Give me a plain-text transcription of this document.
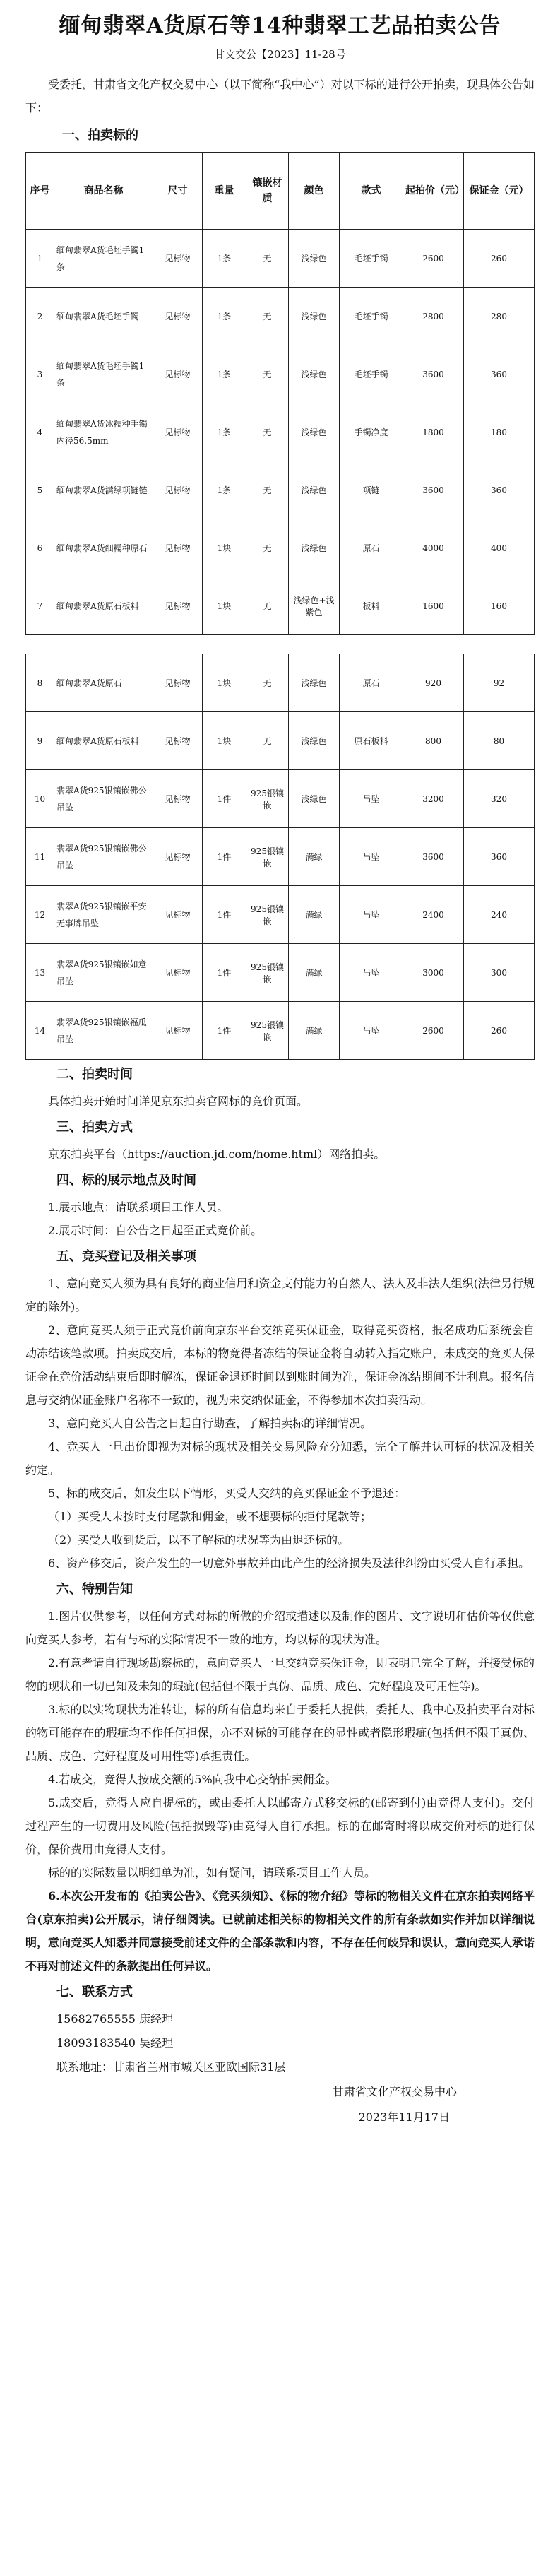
缅甸翡翠A货原石等14种翡翠工艺品拍卖公告
甘文交公【2023】11-28号

受委托，甘肃省文化产权交易中心（以下简称“我中心”）对以下标的进行公开拍卖，现具体公告如下：

一、拍卖标的
序号	商品名称	尺寸	重量	镶嵌材质	颜色	款式	起拍价（元）	保证金（元）
1	缅甸翡翠A货毛坯手镯1条	见标物	1条	无	浅绿色	毛坯手镯	2600	260
2	缅甸翡翠A货毛坯手镯	见标物	1条	无	浅绿色	毛坯手镯	2800	280
3	缅甸翡翠A货毛坯手镯1条	见标物	1条	无	浅绿色	毛坯手镯	3600	360
4	缅甸翡翠A货冰糯种手镯内径56.5mm	见标物	1条	无	浅绿色	手镯净度	1800	180
5	缅甸翡翠A货满绿项链链	见标物	1条	无	浅绿色	项链	3600	360
6	缅甸翡翠A货细糯种原石	见标物	1块	无	浅绿色	原石	4000	400
7	缅甸翡翠A货原石板料	见标物	1块	无	浅绿色+浅紫色	板料	1600	160

8	缅甸翡翠A货原石	见标物	1块	无	浅绿色	原石	920	92
9	缅甸翡翠A货原石板料	见标物	1块	无	浅绿色	原石板料	800	80
10	翡翠A货925银镶嵌佛公吊坠	见标物	1件	925银镶嵌	浅绿色	吊坠	3200	320
11	翡翠A货925银镶嵌佛公吊坠	见标物	1件	925银镶嵌	满绿	吊坠	3600	360
12	翡翠A货925银镶嵌平安无事牌吊坠	见标物	1件	925银镶嵌	满绿	吊坠	2400	240
13	翡翠A货925银镶嵌如意吊坠	见标物	1件	925银镶嵌	满绿	吊坠	3000	300
14	翡翠A货925银镶嵌福瓜吊坠	见标物	1件	925银镶嵌	满绿	吊坠	2600	260
二、拍卖时间

具体拍卖开始时间详见京东拍卖官网标的竞价页面。

三、拍卖方式

京东拍卖平台（https://auction.jd.com/home.html）网络拍卖。

四、标的展示地点及时间

1.展示地点：请联系项目工作人员。

2.展示时间：自公告之日起至正式竞价前。

五、竞买登记及相关事项

1、意向竞买人须为具有良好的商业信用和资金支付能力的自然人、法人及非法人组织(法律另行规定的除外)。

2、意向竞买人须于正式竞价前向京东平台交纳竞买保证金，取得竞买资格，报名成功后系统会自动冻结该笔款项。拍卖成交后，本标的物竞得者冻结的保证金将自动转入指定账户，未成交的竞买人保证金在竞价活动结束后即时解冻，保证金退还时间以到账时间为准，保证金冻结期间不计利息。报名信息与交纳保证金账户名称不一致的，视为未交纳保证金，不得参加本次拍卖活动。

3、意向竞买人自公告之日起自行勘查，了解拍卖标的详细情况。

4、竞买人一旦出价即视为对标的现状及相关交易风险充分知悉，完全了解并认可标的状况及相关约定。

5、标的成交后，如发生以下情形，买受人交纳的竞买保证金不予退还：

（1）买受人未按时支付尾款和佣金，或不想要标的拒付尾款等；

（2）买受人收到货后，以不了解标的状况等为由退还标的。

6、资产移交后，资产发生的一切意外事故并由此产生的经济损失及法律纠纷由买受人自行承担。

六、特别告知

1.图片仅供参考，以任何方式对标的所做的介绍或描述以及制作的图片、文字说明和估价等仅供意向竞买人参考，若有与标的实际情况不一致的地方，均以标的现状为准。

2.有意者请自行现场勘察标的，意向竞买人一旦交纳竞买保证金，即表明已完全了解，并接受标的物的现状和一切已知及未知的瑕疵(包括但不限于真伪、品质、成色、完好程度及可用性等)。

3.标的以实物现状为准转让，标的所有信息均来自于委托人提供，委托人、我中心及拍卖平台对标的物可能存在的瑕疵均不作任何担保，亦不对标的可能存在的显性或者隐形瑕疵(包括但不限于真伪、品质、成色、完好程度及可用性等)承担责任。

4.若成交，竞得人按成交额的5%向我中心交纳拍卖佣金。

5.成交后，竞得人应自提标的，或由委托人以邮寄方式移交标的(邮寄到付)由竞得人支付)。交付过程产生的一切费用及风险(包括损毁等)由竞得人自行承担。标的在邮寄时将以成交价对标的进行保价，保价费用由竞得人支付。

标的的实际数量以明细单为准，如有疑问，请联系项目工作人员。

6.本次公开发布的《拍卖公告》、《竞买须知》、《标的物介绍》等标的物相关文件在京东拍卖网络平台(京东拍卖)公开展示，请仔细阅读。已就前述相关标的物相关文件的所有条款如实作并加以详细说明，意向竞买人知悉并同意接受前述文件的全部条款和内容，不存在任何歧异和误认，意向竞买人承诺不再对前述文件的条款提出任何异议。

七、联系方式
15682765555 康经理
18093183540 吴经理
联系地址：甘肃省兰州市城关区亚欧国际31层
甘肃省文化产权交易中心
2023年11月17日
